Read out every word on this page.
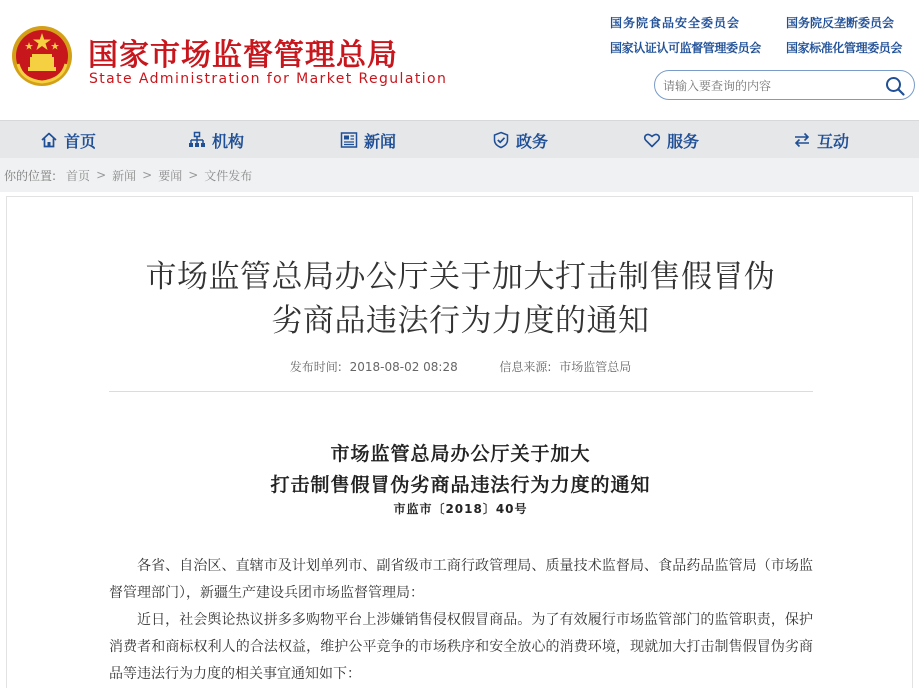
国家市场监督管理总局
State Administration for Market Regulation
国务院食品安全委员会	国务院反垄断委员会
国家认证认可监督管理委员会 国家标准化管理委员会
请输入要查询的内容
首页	机构	新闻	政务	服务	互动
你的位置: 首页 > 新闻 > 要闻 > 文件发布
市场监管总局办公厅关于加大打击制售假冒伪
劣商品违法行为力度的通知
发布时间: 2018-08-02 08:28	信息来源: 市场监管总局
市场监管总局办公厅关于加大
打击制售假冒伪劣商品违法行为力度的通知
市监市〔2018〕40号

各省、自治区、直辖市及计划单列市、副省级市工商行政管理局、质量技术监督局、食品药品监管局（市场监督管理部门），新疆生产建设兵团市场监督管理局：

近日，社会舆论热议拼多多购物平台上涉嫌销售侵权假冒商品。为了有效履行市场监管部门的监管职责，保护消费者和商标权利人的合法权益，维护公平竞争的市场秩序和安全放心的消费环境，现就加大打击制售假冒伪劣商品等违法行为力度的相关事宜通知如下：
